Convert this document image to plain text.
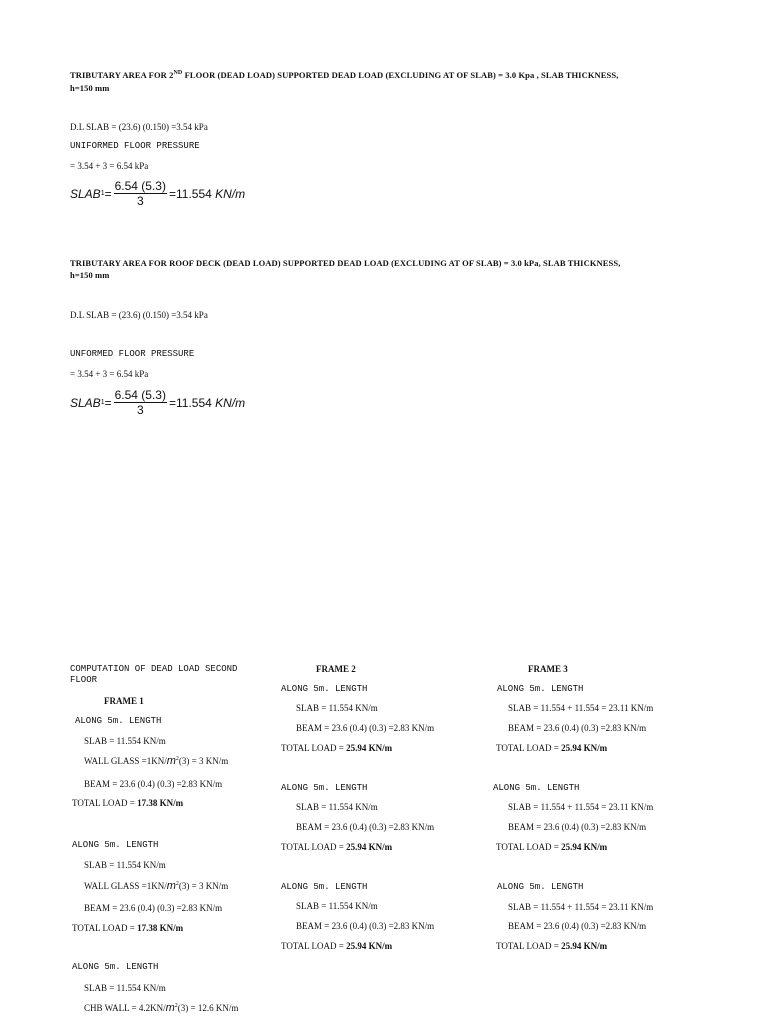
TRIBUTARY AREA FOR 2ND FLOOR (DEAD LOAD) SUPPORTED DEAD LOAD (EXCLUDING AT OF SLAB) = 3.0 Kpa , SLAB THICKNESS,
h=150 mm
D.L SLAB = (23.6) (0.150) =3.54 kPa
UNIFORMED FLOOR PRESSURE
= 3.54 + 3 = 6.54 kPa
SLAB $1 = \frac{6.54 (5.3)}{3} =11.554$
KN/m
TRIBUTARY AREA FOR ROOF DECK (DEAD LOAD) SUPPORTED DEAD LOAD (EXCLUDING AT OF SLAB) = 3.0 kPa, SLAB THICKNESS,
h=150 mm
D.L SLAB = (23.6) (0.150) =3.54 kPa
UNFORMED FLOOR PRESSURE
= 3.54 + 3 = 6.54 kPa
SLAB $1 = \frac{6.54 (5.3)}{3} =11.554$
KN/m
COMPUTATION OF DEAD LOAD SECOND
FLOOR
FRAME 1
ALONG 5m. LENGTH
SLAB = 11.554 KN/m
WALL GLASS $=1KN/m^2(3) = 3$ KN/m
BEAM = 23.6 (0.4) (0.3) =2.83 KN/m
TOTAL LOAD = 17.38 KN/m
ALONG 5m. LENGTH
SLAB = 11.554 KN/m
WALL GLASS $=1KN/m^2(3) = 3$ KN/m
BEAM = 23.6 (0.4) (0.3) =2.83 KN/m
TOTAL LOAD = 17.38 KN/m
ALONG 5m. LENGTH
SLAB = 11.554 KN/m
CHB WALL = $4.2KN/m^2(3) = 12.6$ KN/m
FRAME 2
ALONG 5m. LENGTH
SLAB = 11.554 KN/m
BEAM = 23.6 (0.4) (0.3) =2.83 KN/m
TOTAL LOAD = 25.94 KN/m
ALONG 5m. LENGTH
SLAB = 11.554 KN/m
BEAM = 23.6 (0.4) (0.3) =2.83 KN/m
TOTAL LOAD = 25.94 KN/m
ALONG 5m. LENGTH
SLAB = 11.554 KN/m
BEAM = 23.6 (0.4) (0.3) =2.83 KN/m
TOTAL LOAD = 25.94 KN/m
FRAME 3
ALONG 5m. LENGTH
SLAB = 11.554 + 11.554 = 23.11 KN/m
BEAM = 23.6 (0.4) (0.3) =2.83 KN/m
TOTAL LOAD = 25.94 KN/m
ALONG 5m. LENGTH
SLAB = 11.554 + 11.554 = 23.11 KN/m
BEAM = 23.6 (0.4) (0.3) =2.83 KN/m
TOTAL LOAD = 25.94 KN/m
ALONG 5m. LENGTH
SLAB = 11.554 + 11.554 = 23.11 KN/m
BEAM = 23.6 (0.4) (0.3) =2.83 KN/m
TOTAL LOAD = 25.94 KN/m
